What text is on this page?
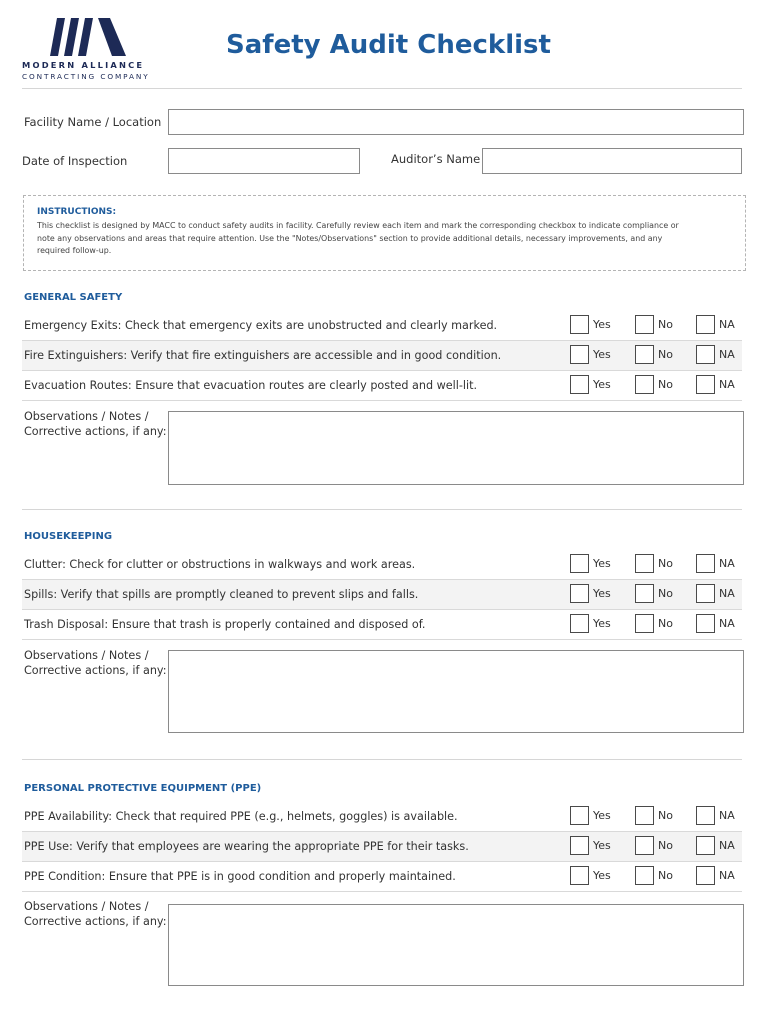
MODERN ALLIANCE
CONTRACTING COMPANY
Safety Audit Checklist
Facility Name / Location
Date of Inspection	Auditor’s Name
INSTRUCTIONS:
This checklist is designed by MACC to conduct safety audits in facility. Carefully review each item and mark the corresponding checkbox to indicate compliance or note any observations and areas that require attention. Use the "Notes/Observations" section to provide additional details, necessary improvements, and any required follow-up.
GENERAL SAFETY
Emergency Exits: Check that emergency exits are unobstructed and clearly marked.	Yes	No	NA
Fire Extinguishers: Verify that fire extinguishers are accessible and in good condition.	Yes	No	NA
Evacuation Routes: Ensure that evacuation routes are clearly posted and well-lit.	Yes	No	NA
Observations / Notes /
Corrective actions, if any:
HOUSEKEEPING
Clutter: Check for clutter or obstructions in walkways and work areas.	Yes	No	NA
Spills: Verify that spills are promptly cleaned to prevent slips and falls.	Yes	No	NA
Trash Disposal: Ensure that trash is properly contained and disposed of.	Yes	No	NA
Observations / Notes /
Corrective actions, if any:
PERSONAL PROTECTIVE EQUIPMENT (PPE)
PPE Availability: Check that required PPE (e.g., helmets, goggles) is available.	Yes	No	NA
PPE Use: Verify that employees are wearing the appropriate PPE for their tasks.	Yes	No	NA
PPE Condition: Ensure that PPE is in good condition and properly maintained.	Yes	No	NA
Observations / Notes /
Corrective actions, if any:
